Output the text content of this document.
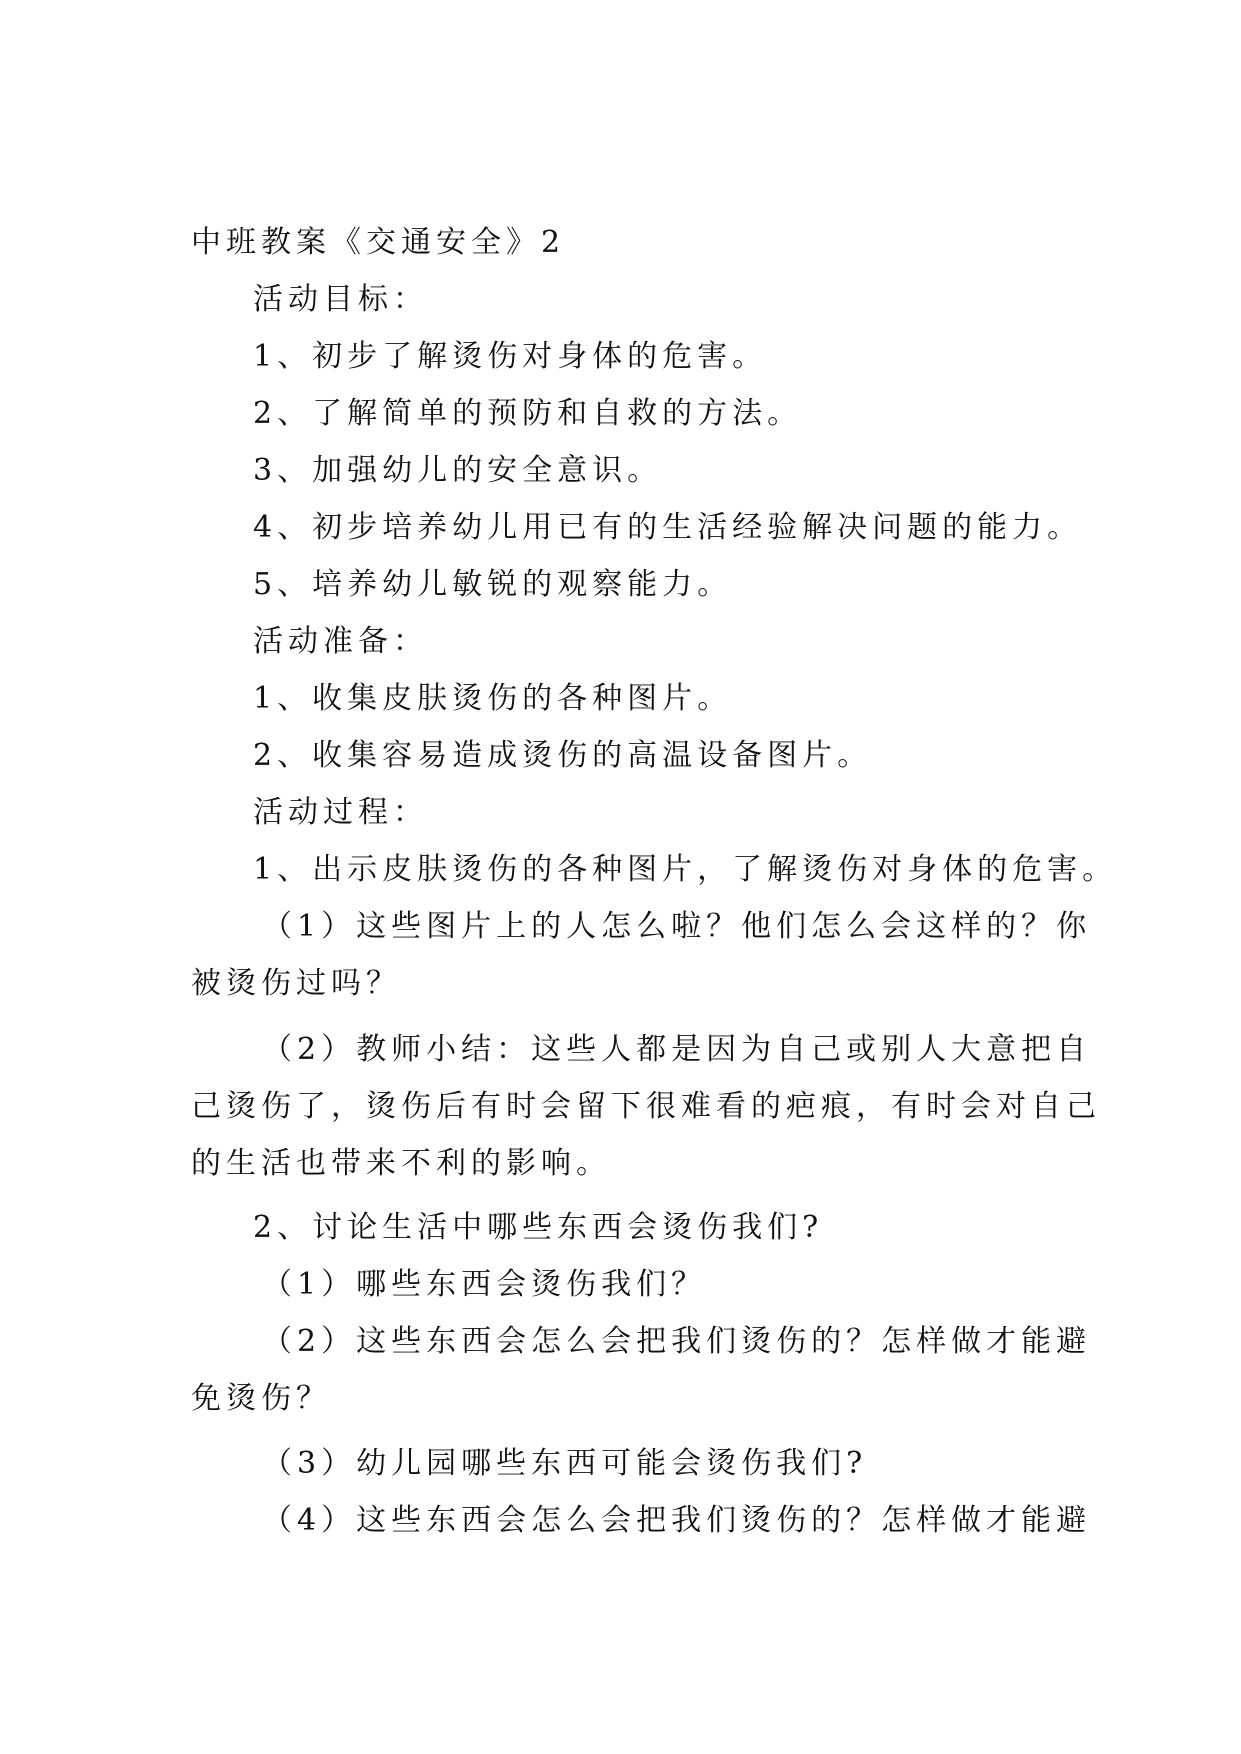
中班教案《交通安全》2
活动目标：
1、初步了解烫伤对身体的危害。
2、了解简单的预防和自救的方法。
3、加强幼儿的安全意识。
4、初步培养幼儿用已有的生活经验解决问题的能力。
5、培养幼儿敏锐的观察能力。
活动准备：
1、收集皮肤烫伤的各种图片。
2、收集容易造成烫伤的高温设备图片。
活动过程：
1、出示皮肤烫伤的各种图片，了解烫伤对身体的危害。
（1）这些图片上的人怎么啦？他们怎么会这样的？你
被烫伤过吗？
（2）教师小结：这些人都是因为自己或别人大意把自
己烫伤了，烫伤后有时会留下很难看的疤痕，有时会对自己
的生活也带来不利的影响。
2、讨论生活中哪些东西会烫伤我们?
（1）哪些东西会烫伤我们？
（2）这些东西会怎么会把我们烫伤的？怎样做才能避
免烫伤？
（3）幼儿园哪些东西可能会烫伤我们?
（4）这些东西会怎么会把我们烫伤的？怎样做才能避
